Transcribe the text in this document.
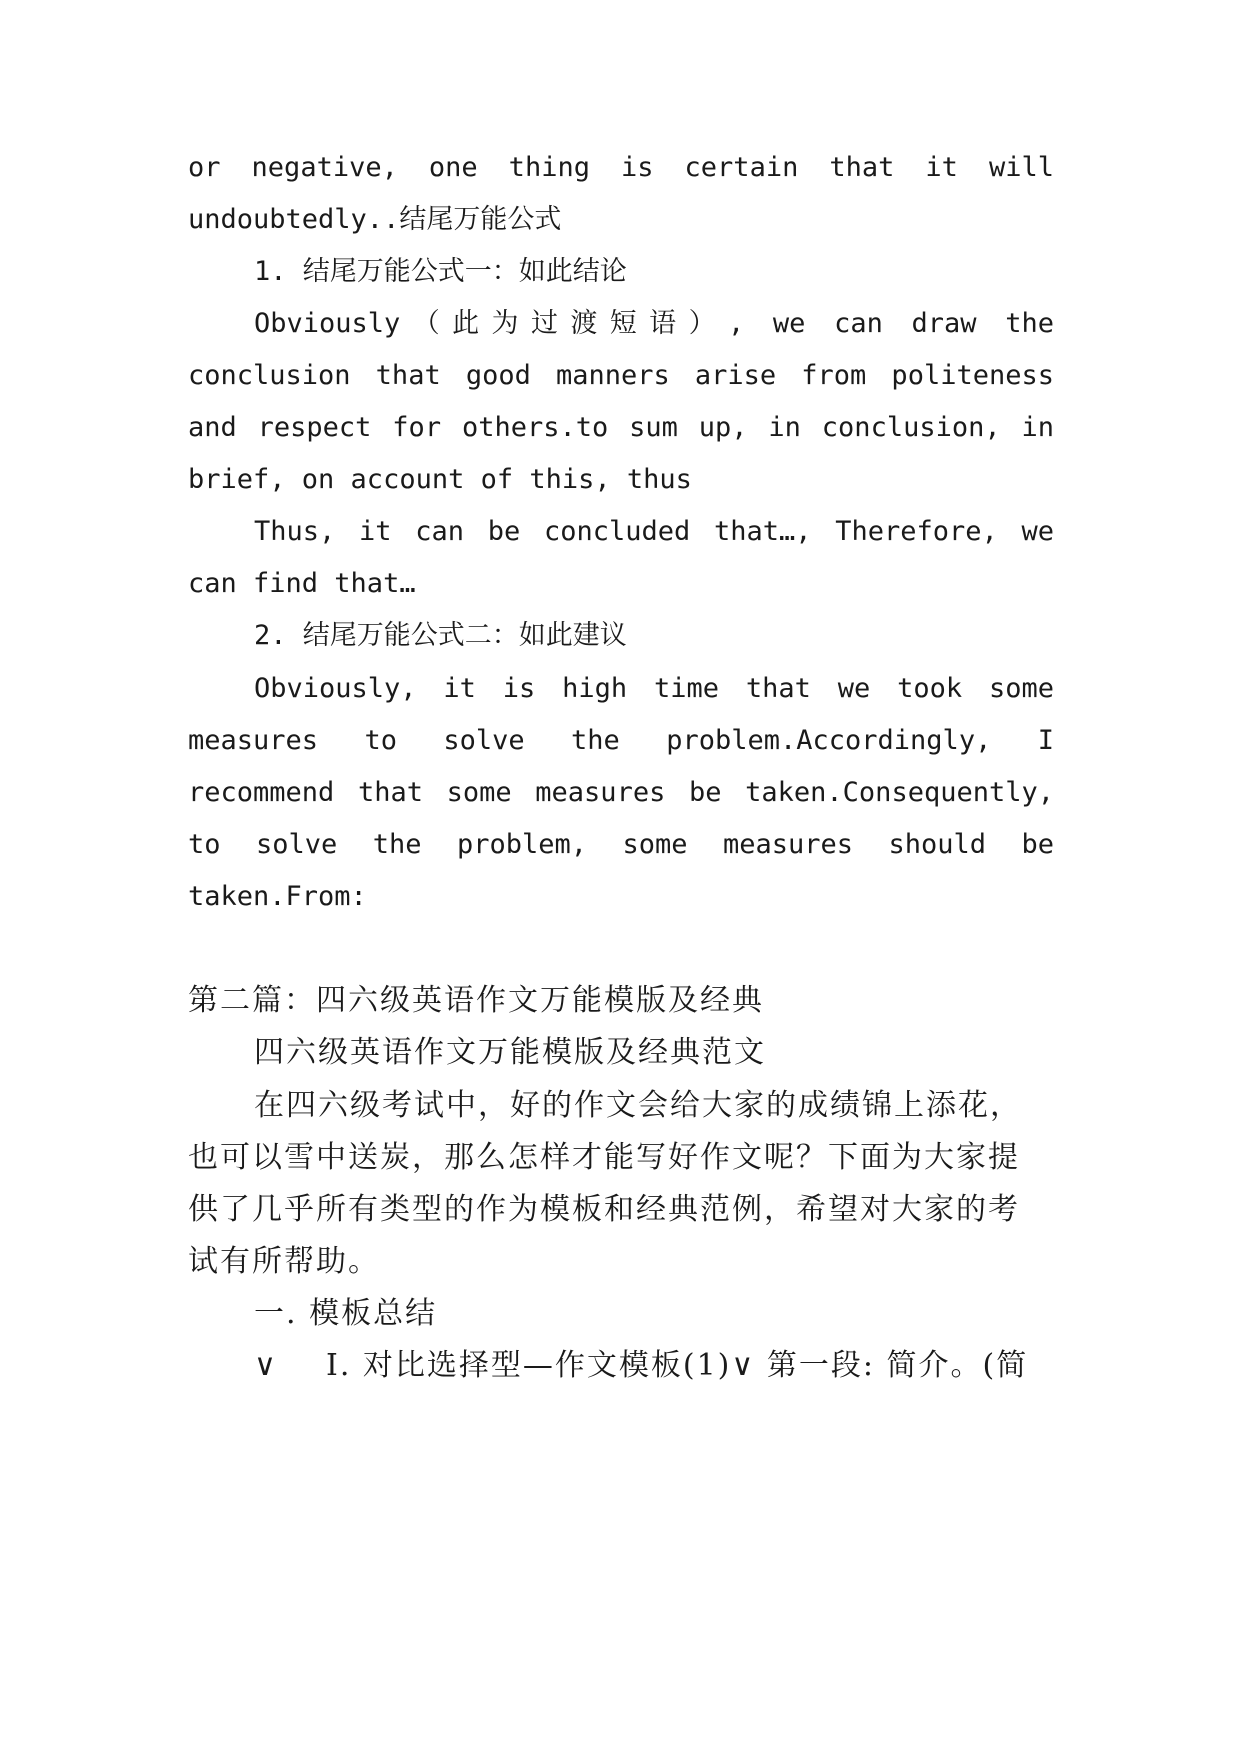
or negative, one thing is certain that it will
undoubtedly..结尾万能公式
1. 结尾万能公式一：如此结论
Obviously（此为过渡短语）, we can draw the
conclusion that good manners arise from politeness
and respect for others.to sum up, in conclusion, in
brief, on account of this, thus
Thus, it can be concluded that…, Therefore, we
can find that…
2. 结尾万能公式二：如此建议
Obviously, it is high time that we took some
measures to solve the problem.Accordingly, I
recommend that some measures be taken.Consequently,
to solve the problem, some measures should be
taken.From:
第二篇：四六级英语作文万能模版及经典
四六级英语作文万能模版及经典范文
在四六级考试中，好的作文会给大家的成绩锦上添花，
也可以雪中送炭，那么怎样才能写好作文呢？下面为大家提
供了几乎所有类型的作为模板和经典范例，希望对大家的考
试有所帮助。
一. 模板总结
∨ Ⅰ. 对比选择型—作文模板(1)∨ 第一段: 简介。(简
